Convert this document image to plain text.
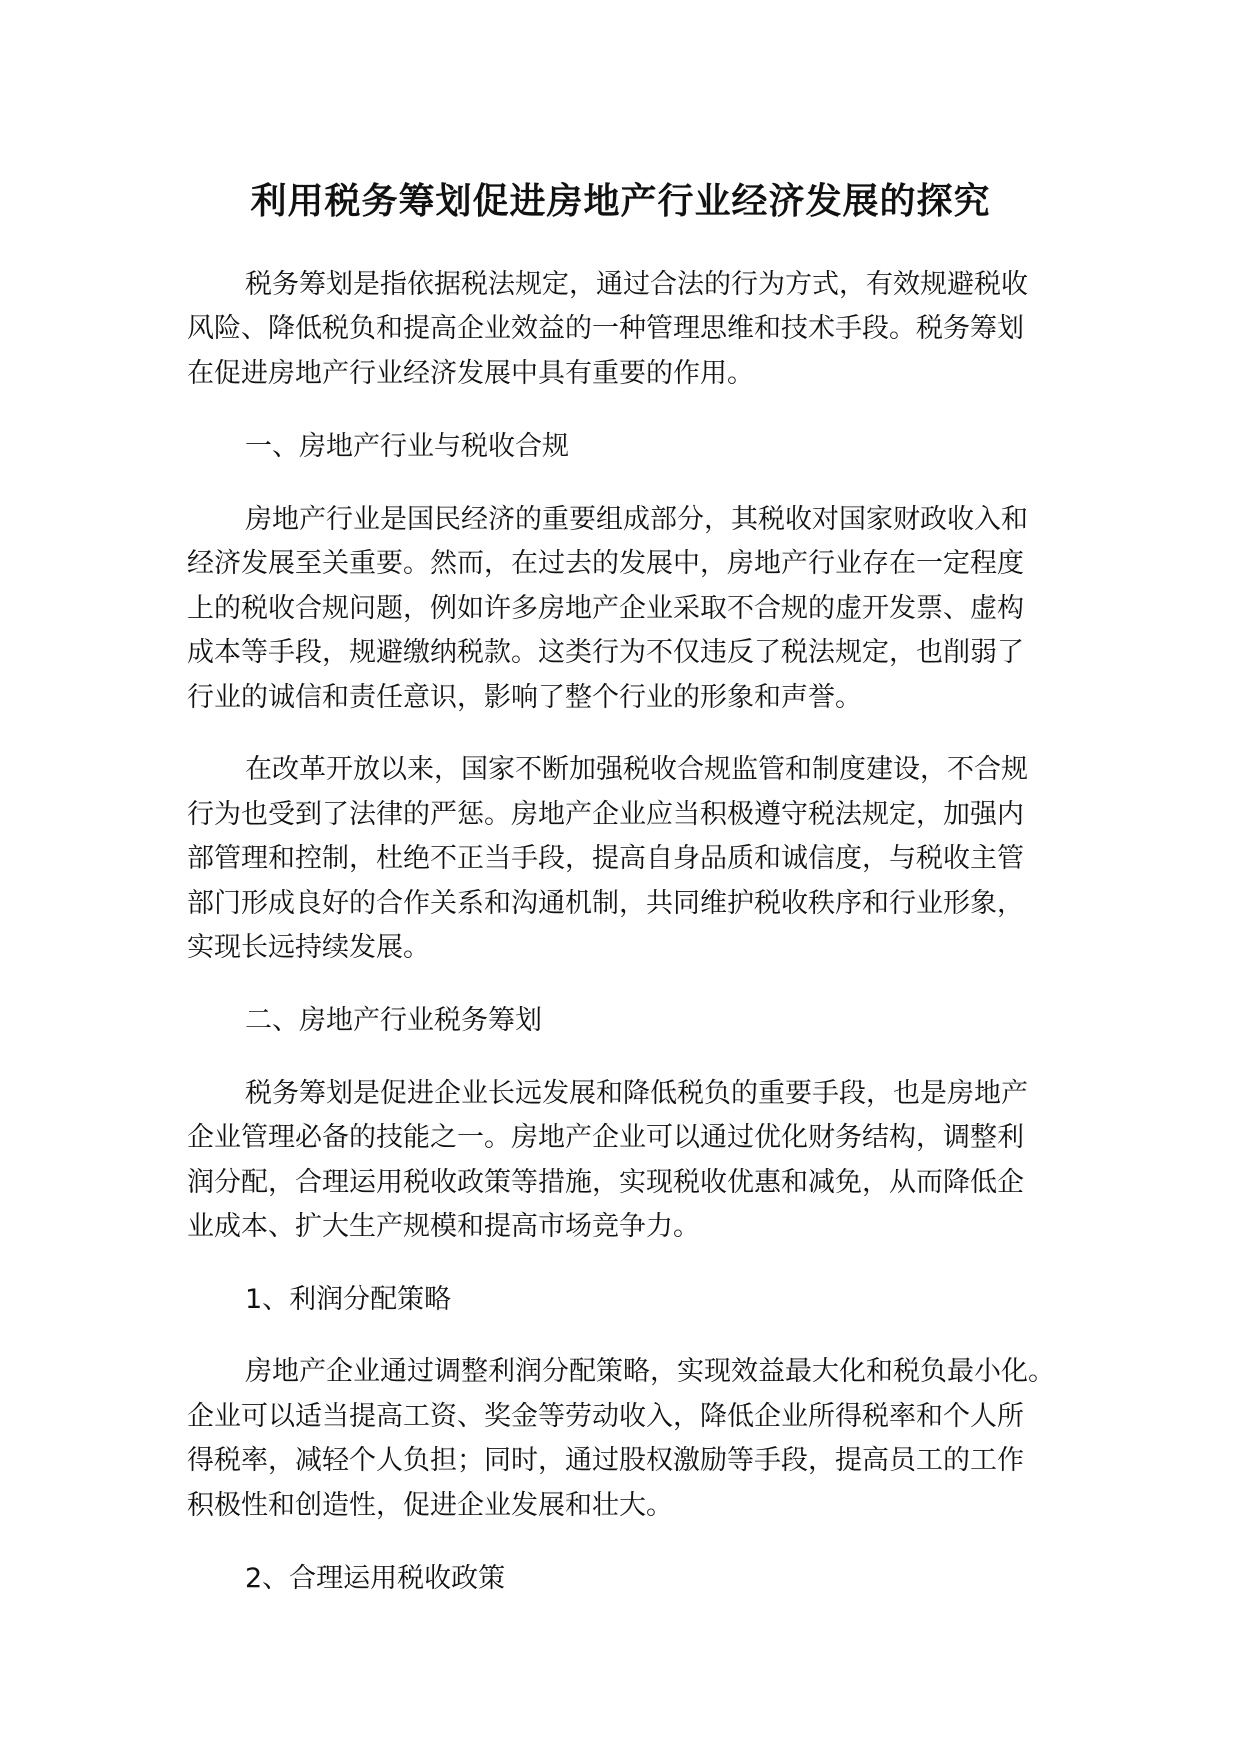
利用税务筹划促进房地产行业经济发展的探究
税务筹划是指依据税法规定，通过合法的行为方式，有效规避税收
风险、降低税负和提高企业效益的一种管理思维和技术手段。税务筹划
在促进房地产行业经济发展中具有重要的作用。
一、房地产行业与税收合规
房地产行业是国民经济的重要组成部分，其税收对国家财政收入和
经济发展至关重要。然而，在过去的发展中，房地产行业存在一定程度
上的税收合规问题，例如许多房地产企业采取不合规的虚开发票、虚构
成本等手段，规避缴纳税款。这类行为不仅违反了税法规定，也削弱了
行业的诚信和责任意识，影响了整个行业的形象和声誉。
在改革开放以来，国家不断加强税收合规监管和制度建设，不合规
行为也受到了法律的严惩。房地产企业应当积极遵守税法规定，加强内
部管理和控制，杜绝不正当手段，提高自身品质和诚信度，与税收主管
部门形成良好的合作关系和沟通机制，共同维护税收秩序和行业形象，
实现长远持续发展。
二、房地产行业税务筹划
税务筹划是促进企业长远发展和降低税负的重要手段，也是房地产
企业管理必备的技能之一。房地产企业可以通过优化财务结构，调整利
润分配，合理运用税收政策等措施，实现税收优惠和减免，从而降低企
业成本、扩大生产规模和提高市场竞争力。
1、利润分配策略
房地产企业通过调整利润分配策略，实现效益最大化和税负最小化。
企业可以适当提高工资、奖金等劳动收入，降低企业所得税率和个人所
得税率，减轻个人负担；同时，通过股权激励等手段，提高员工的工作
积极性和创造性，促进企业发展和壮大。
2、合理运用税收政策
